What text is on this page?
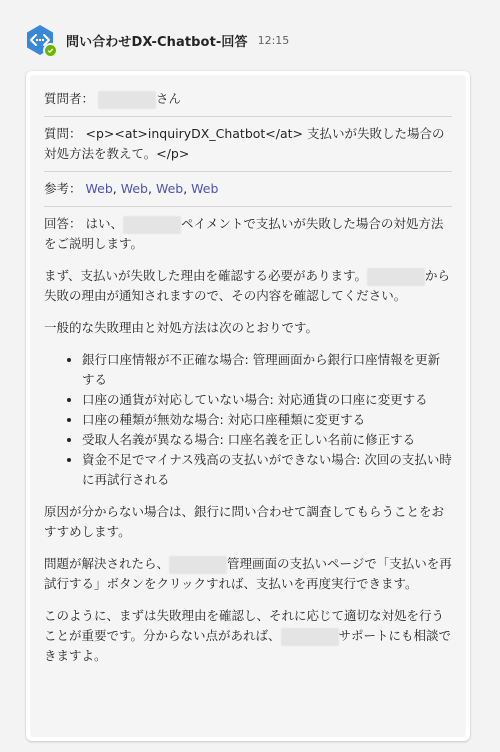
問い合わせDX-Chatbot-回答 12:15
質問者：	さん
質問： <p><at>inquiryDX_Chatbot</at> 支払いが失敗した場合の対処方法を教えて。</p>
参考： Web, Web, Web, Web

回答： はい、	ペイメントで支払いが失敗した場合の対処方法をご説明します。

まず、支払いが失敗した理由を確認する必要があります。	から失敗の理由が通知されますので、その内容を確認してください。

一般的な失敗理由と対処方法は次のとおりです。

• 銀行口座情報が不正確な場合: 管理画面から銀行口座情報を更新する
• 口座の通貨が対応していない場合: 対応通貨の口座に変更する
• 口座の種類が無効な場合: 対応口座種類に変更する
• 受取人名義が異なる場合: 口座名義を正しい名前に修正する
• 資金不足でマイナス残高の支払いができない場合: 次回の支払い時に再試行される

原因が分からない場合は、銀行に問い合わせて調査してもらうことをおすすめします。

問題が解決されたら、	管理画面の支払いページで「支払いを再試行する」ボタンをクリックすれば、支払いを再度実行できます。

このように、まずは失敗理由を確認し、それに応じて適切な対処を行うことが重要です。分からない点があれば、	サポートにも相談できますよ。
